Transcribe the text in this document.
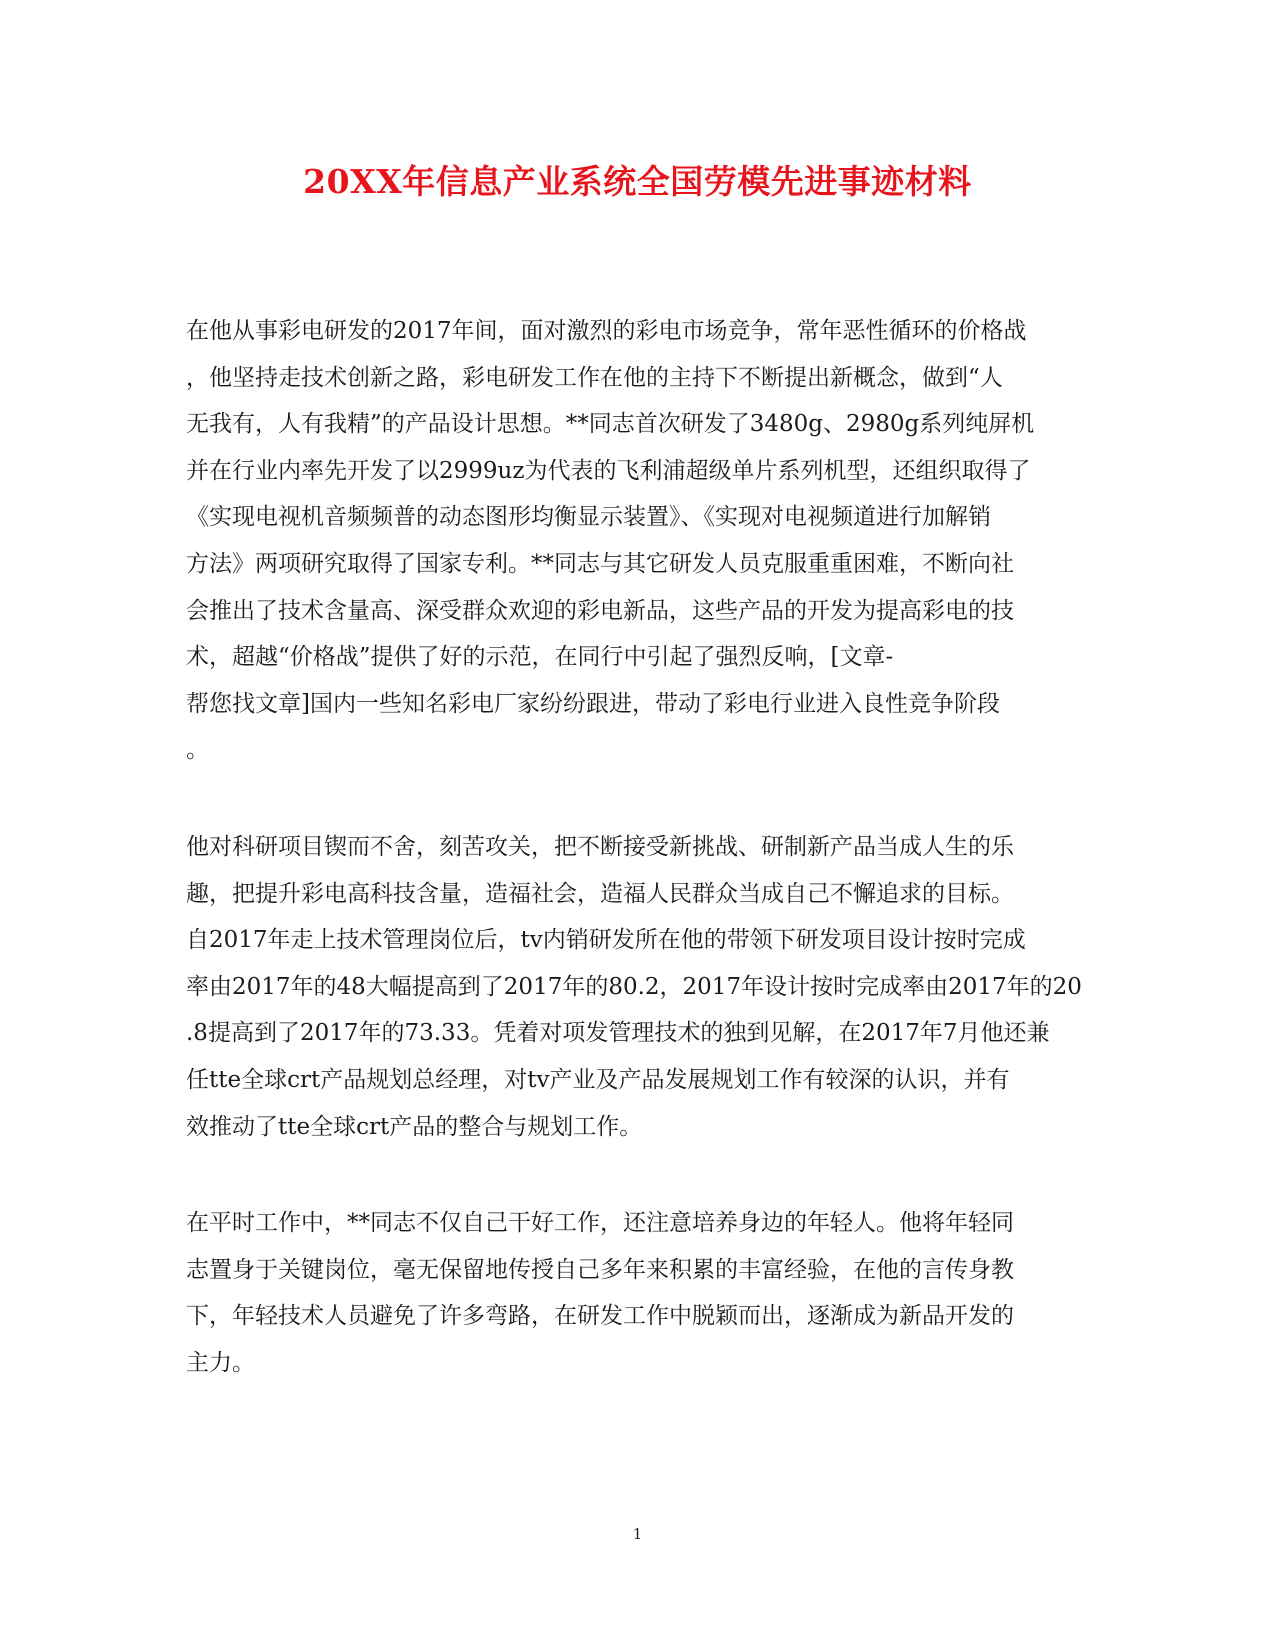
20XX年信息产业系统全国劳模先进事迹材料

在他从事彩电研发的2017年间，面对激烈的彩电市场竞争，常年恶性循环的价格战
，他坚持走技术创新之路，彩电研发工作在他的主持下不断提出新概念，做到“人
无我有，人有我精”的产品设计思想。**同志首次研发了3480g、2980g系列纯屏机
并在行业内率先开发了以2999uz为代表的飞利浦超级单片系列机型，还组织取得了
《实现电视机音频频普的动态图形均衡显示装置》、《实现对电视频道进行加解销
方法》两项研究取得了国家专利。**同志与其它研发人员克服重重困难，不断向社
会推出了技术含量高、深受群众欢迎的彩电新品，这些产品的开发为提高彩电的技
术，超越“价格战”提供了好的示范，在同行中引起了强烈反响，[文章-
帮您找文章]国内一些知名彩电厂家纷纷跟进，带动了彩电行业进入良性竞争阶段
。

他对科研项目锲而不舍，刻苦攻关，把不断接受新挑战、研制新产品当成人生的乐
趣，把提升彩电高科技含量，造福社会，造福人民群众当成自己不懈追求的目标。
自2017年走上技术管理岗位后，tv内销研发所在他的带领下研发项目设计按时完成
率由2017年的48大幅提高到了2017年的80.2，2017年设计按时完成率由2017年的20
.8提高到了2017年的73.33。凭着对项发管理技术的独到见解，在2017年7月他还兼
任tte全球crt产品规划总经理，对tv产业及产品发展规划工作有较深的认识，并有
效推动了tte全球crt产品的整合与规划工作。

在平时工作中，**同志不仅自己干好工作，还注意培养身边的年轻人。他将年轻同
志置身于关键岗位，毫无保留地传授自己多年来积累的丰富经验，在他的言传身教
下，年轻技术人员避免了许多弯路，在研发工作中脱颖而出，逐渐成为新品开发的
主力。

1
